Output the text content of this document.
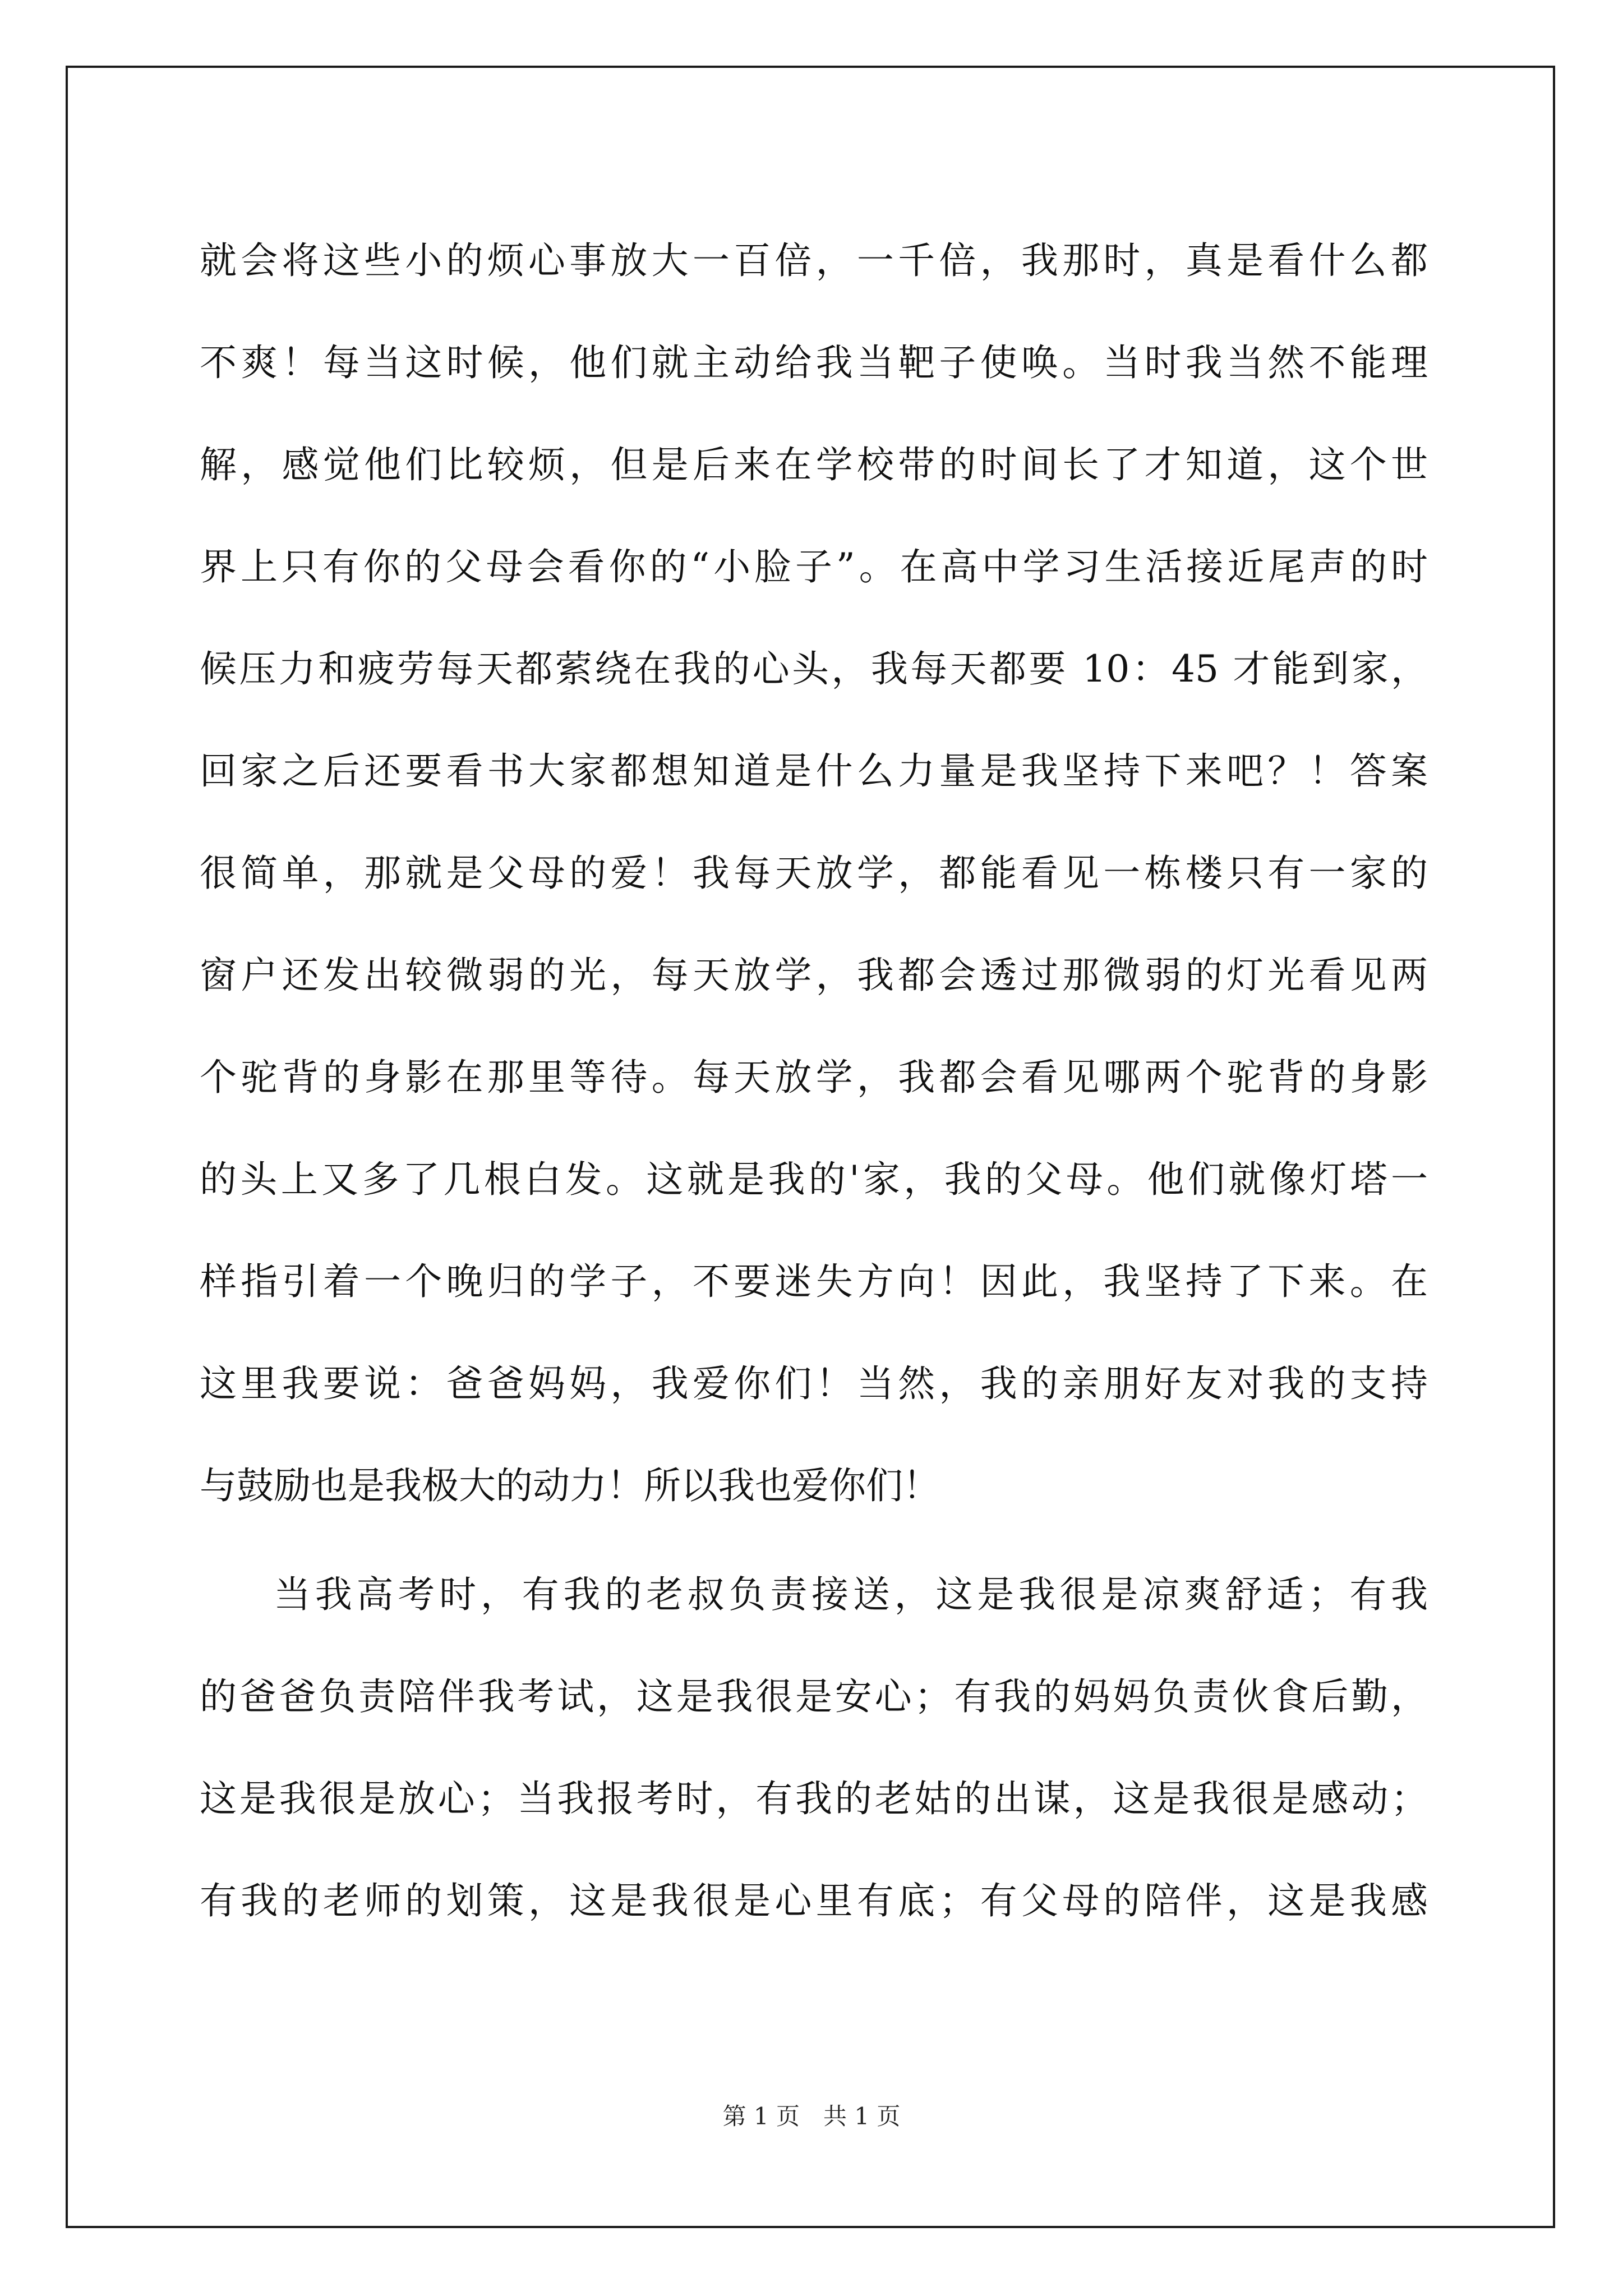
就会将这些小的烦心事放大一百倍，一千倍，我那时，真是看什么都
不爽！每当这时候，他们就主动给我当靶子使唤。当时我当然不能理
解，感觉他们比较烦，但是后来在学校带的时间长了才知道，这个世
界上只有你的父母会看你的“小脸子”。在高中学习生活接近尾声的时
候压力和疲劳每天都萦绕在我的心头，我每天都要 10：45 才能到家，
回家之后还要看书大家都想知道是什么力量是我坚持下来吧？！答案
很简单，那就是父母的爱！我每天放学，都能看见一栋楼只有一家的
窗户还发出较微弱的光，每天放学，我都会透过那微弱的灯光看见两
个驼背的身影在那里等待。每天放学，我都会看见哪两个驼背的身影
的头上又多了几根白发。这就是我的'家，我的父母。他们就像灯塔一
样指引着一个晚归的学子，不要迷失方向！因此，我坚持了下来。在
这里我要说：爸爸妈妈，我爱你们！当然，我的亲朋好友对我的支持
与鼓励也是我极大的动力！所以我也爱你们！
当我高考时，有我的老叔负责接送，这是我很是凉爽舒适；有我
的爸爸负责陪伴我考试，这是我很是安心；有我的妈妈负责伙食后勤，
这是我很是放心；当我报考时，有我的老姑的出谋，这是我很是感动；
有我的老师的划策，这是我很是心里有底；有父母的陪伴，这是我感
第 1 页　共 1 页
